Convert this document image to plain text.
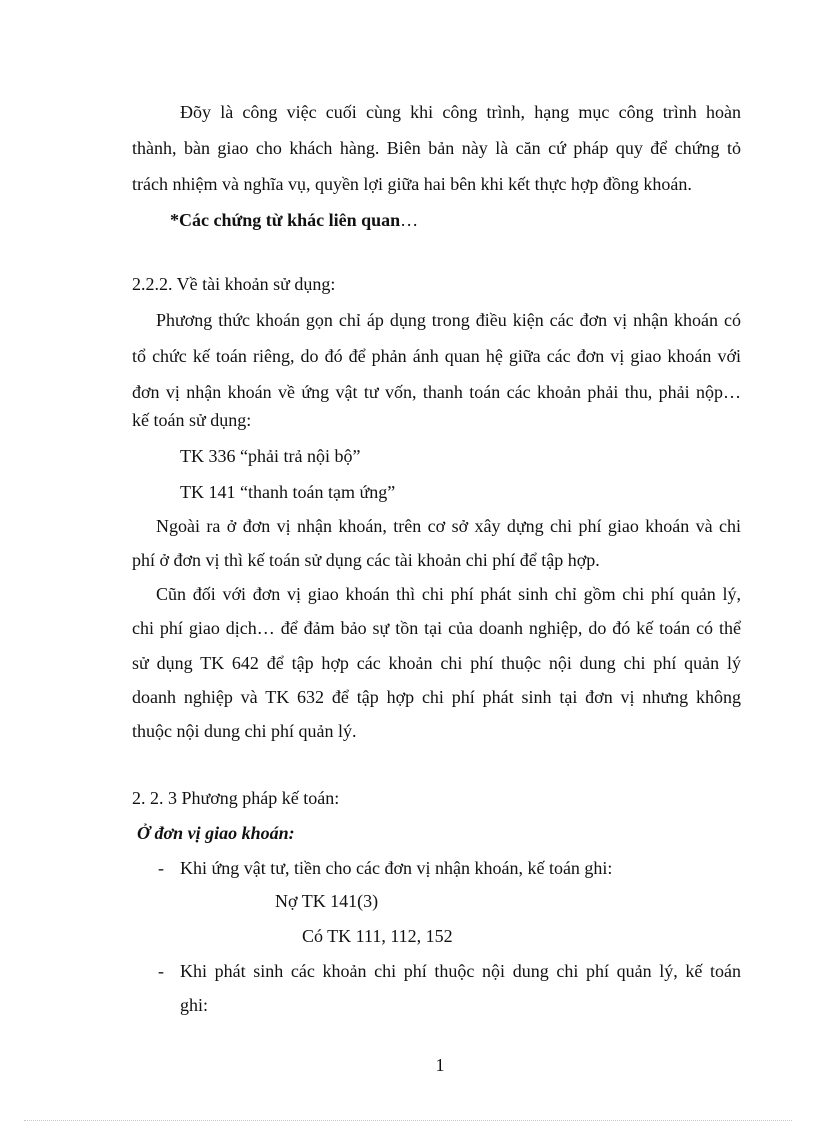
Đõy là công việc cuối cùng khi công trình, hạng mục công trình hoàn
thành, bàn giao cho khách hàng. Biên bản này là căn cứ pháp quy để chứng tỏ
trách nhiệm và nghĩa vụ, quyền lợi giữa hai bên khi kết thực hợp đồng khoán.
*Các chứng từ khác liên quan…
2.2.2. Về tài khoản sử dụng:
Phương thức khoán gọn chỉ áp dụng trong điều kiện các đơn vị nhận khoán có
tổ chức kế toán riêng, do đó để phản ánh quan hệ giữa các đơn vị giao khoán với
đơn vị nhận khoán về ứng vật tư vốn, thanh toán các khoản phải thu, phải nộp…
kế toán sử dụng:
TK 336 “phải trả nội bộ”
TK 141 “thanh toán tạm ứng”
Ngoài ra ở đơn vị nhận khoán, trên cơ sở xây dựng chi phí giao khoán và chi
phí ở đơn vị thì kế toán sử dụng các tài khoản chi phí để tập hợp.
Cũn đối với đơn vị giao khoán thì chi phí phát sinh chỉ gồm chi phí quản lý,
chi phí giao dịch… để đảm bảo sự tồn tại của doanh nghiệp, do đó kế toán có thể
sử dụng TK 642 để tập hợp các khoản chi phí thuộc nội dung chi phí quản lý
doanh nghiệp và TK 632 để tập hợp chi phí phát sinh tại đơn vị nhưng không
thuộc nội dung chi phí quản lý.
2. 2. 3 Phương pháp kế toán:
Ở đơn vị giao khoán:
- Khi ứng vật tư, tiền cho các đơn vị nhận khoán, kế toán ghi:
Nợ TK 141(3)
Có TK 111, 112, 152
- Khi phát sinh các khoản chi phí thuộc nội dung chi phí quản lý, kế toán
ghi:
1
